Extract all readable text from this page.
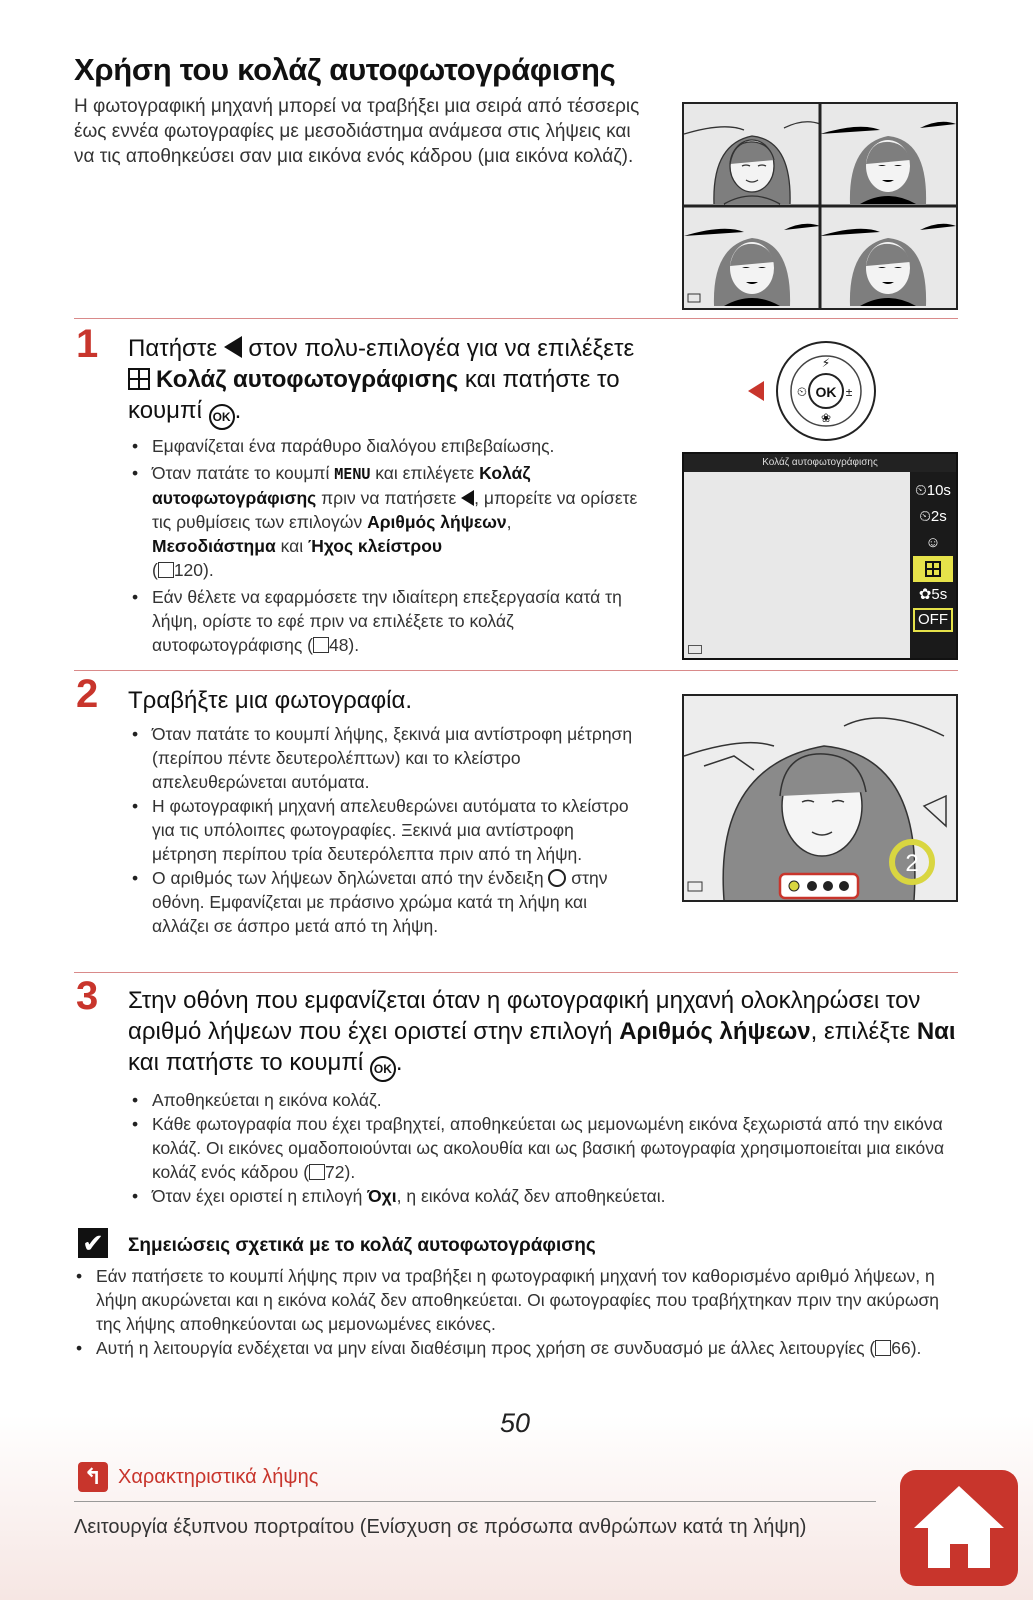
Χρήση του κολάζ αυτοφωτογράφισης
Η φωτογραφική μηχανή μπορεί να τραβήξει μια σειρά από τέσσερις έως εννέα φωτογραφίες με μεσοδιάστημα ανάμεσα στις λήψεις και να τις αποθηκεύσει σαν μια εικόνα ενός κάδρου (μια εικόνα κολάζ).
1 Πατήστε  στον πολυ-επιλογέα για να επιλέξετε Κολάζ αυτοφωτογράφισης και πατήστε το κουμπί OK .
• Εμφανίζεται ένα παράθυρο διαλόγου επιβεβαίωσης.
• Όταν πατάτε το κουμπί MENU και επιλέγετε Κολάζ αυτοφωτογράφισης πριν να πατήσετε , μπορείτε να ορίσετε τις ρυθμίσεις των επιλογών Αριθμός λήψεων, Μεσοδιάστημα και Ήχος κλείστρου
( 120).
• Εάν θέλετε να εφαρμόσετε την ιδιαίτερη επεξεργασία κατά τη λήψη, ορίστε το εφέ πριν να επιλέξετε το κολάζ αυτοφωτογράφισης ( 48).
OK
⚡
⏲	±
❀
Κολάζ αυτοφωτογράφισης
⏲10s
⏲2s
☺
✿5s
OFF
2 Τραβήξτε μια φωτογραφία.
• Όταν πατάτε το κουμπί λήψης, ξεκινά μια αντίστροφη μέτρηση (περίπου πέντε δευτερολέπτων) και το κλείστρο απελευθερώνεται αυτόματα.
• Η φωτογραφική μηχανή απελευθερώνει αυτόματα το κλείστρο για τις υπόλοιπες φωτογραφίες. Ξεκινά μια αντίστροφη μέτρηση περίπου τρία δευτερόλεπτα πριν από τη λήψη.
• Ο αριθμός των λήψεων δηλώνεται από την ένδειξη  στην οθόνη. Εμφανίζεται με πράσινο χρώμα κατά τη λήψη και αλλάζει σε άσπρο μετά από τη λήψη.
2
3 Στην οθόνη που εμφανίζεται όταν η φωτογραφική μηχανή ολοκληρώσει τον αριθμό λήψεων που έχει οριστεί στην επιλογή Αριθμός λήψεων, επιλέξτε Ναι και πατήστε το κουμπί OK .
• Αποθηκεύεται η εικόνα κολάζ.
• Κάθε φωτογραφία που έχει τραβηχτεί, αποθηκεύεται ως μεμονωμένη εικόνα ξεχωριστά από την εικόνα κολάζ. Οι εικόνες ομαδοποιούνται ως ακολουθία και ως βασική φωτογραφία χρησιμοποιείται μια εικόνα κολάζ ενός κάδρου ( 72).
• Όταν έχει οριστεί η επιλογή Όχι, η εικόνα κολάζ δεν αποθηκεύεται.
✔ Σημειώσεις σχετικά με το κολάζ αυτοφωτογράφισης
• Εάν πατήσετε το κουμπί λήψης πριν να τραβήξει η φωτογραφική μηχανή τον καθορισμένο αριθμό λήψεων, η λήψη ακυρώνεται και η εικόνα κολάζ δεν αποθηκεύεται. Οι φωτογραφίες που τραβήχτηκαν πριν την ακύρωση της λήψης αποθηκεύονται ως μεμονωμένες εικόνες.
• Αυτή η λειτουργία ενδέχεται να μην είναι διαθέσιμη προς χρήση σε συνδυασμό με άλλες λειτουργίες ( 66).
50
↰ Χαρακτηριστικά λήψης
Λειτουργία έξυπνου πορτραίτου (Ενίσχυση σε πρόσωπα ανθρώπων κατά τη λήψη)
